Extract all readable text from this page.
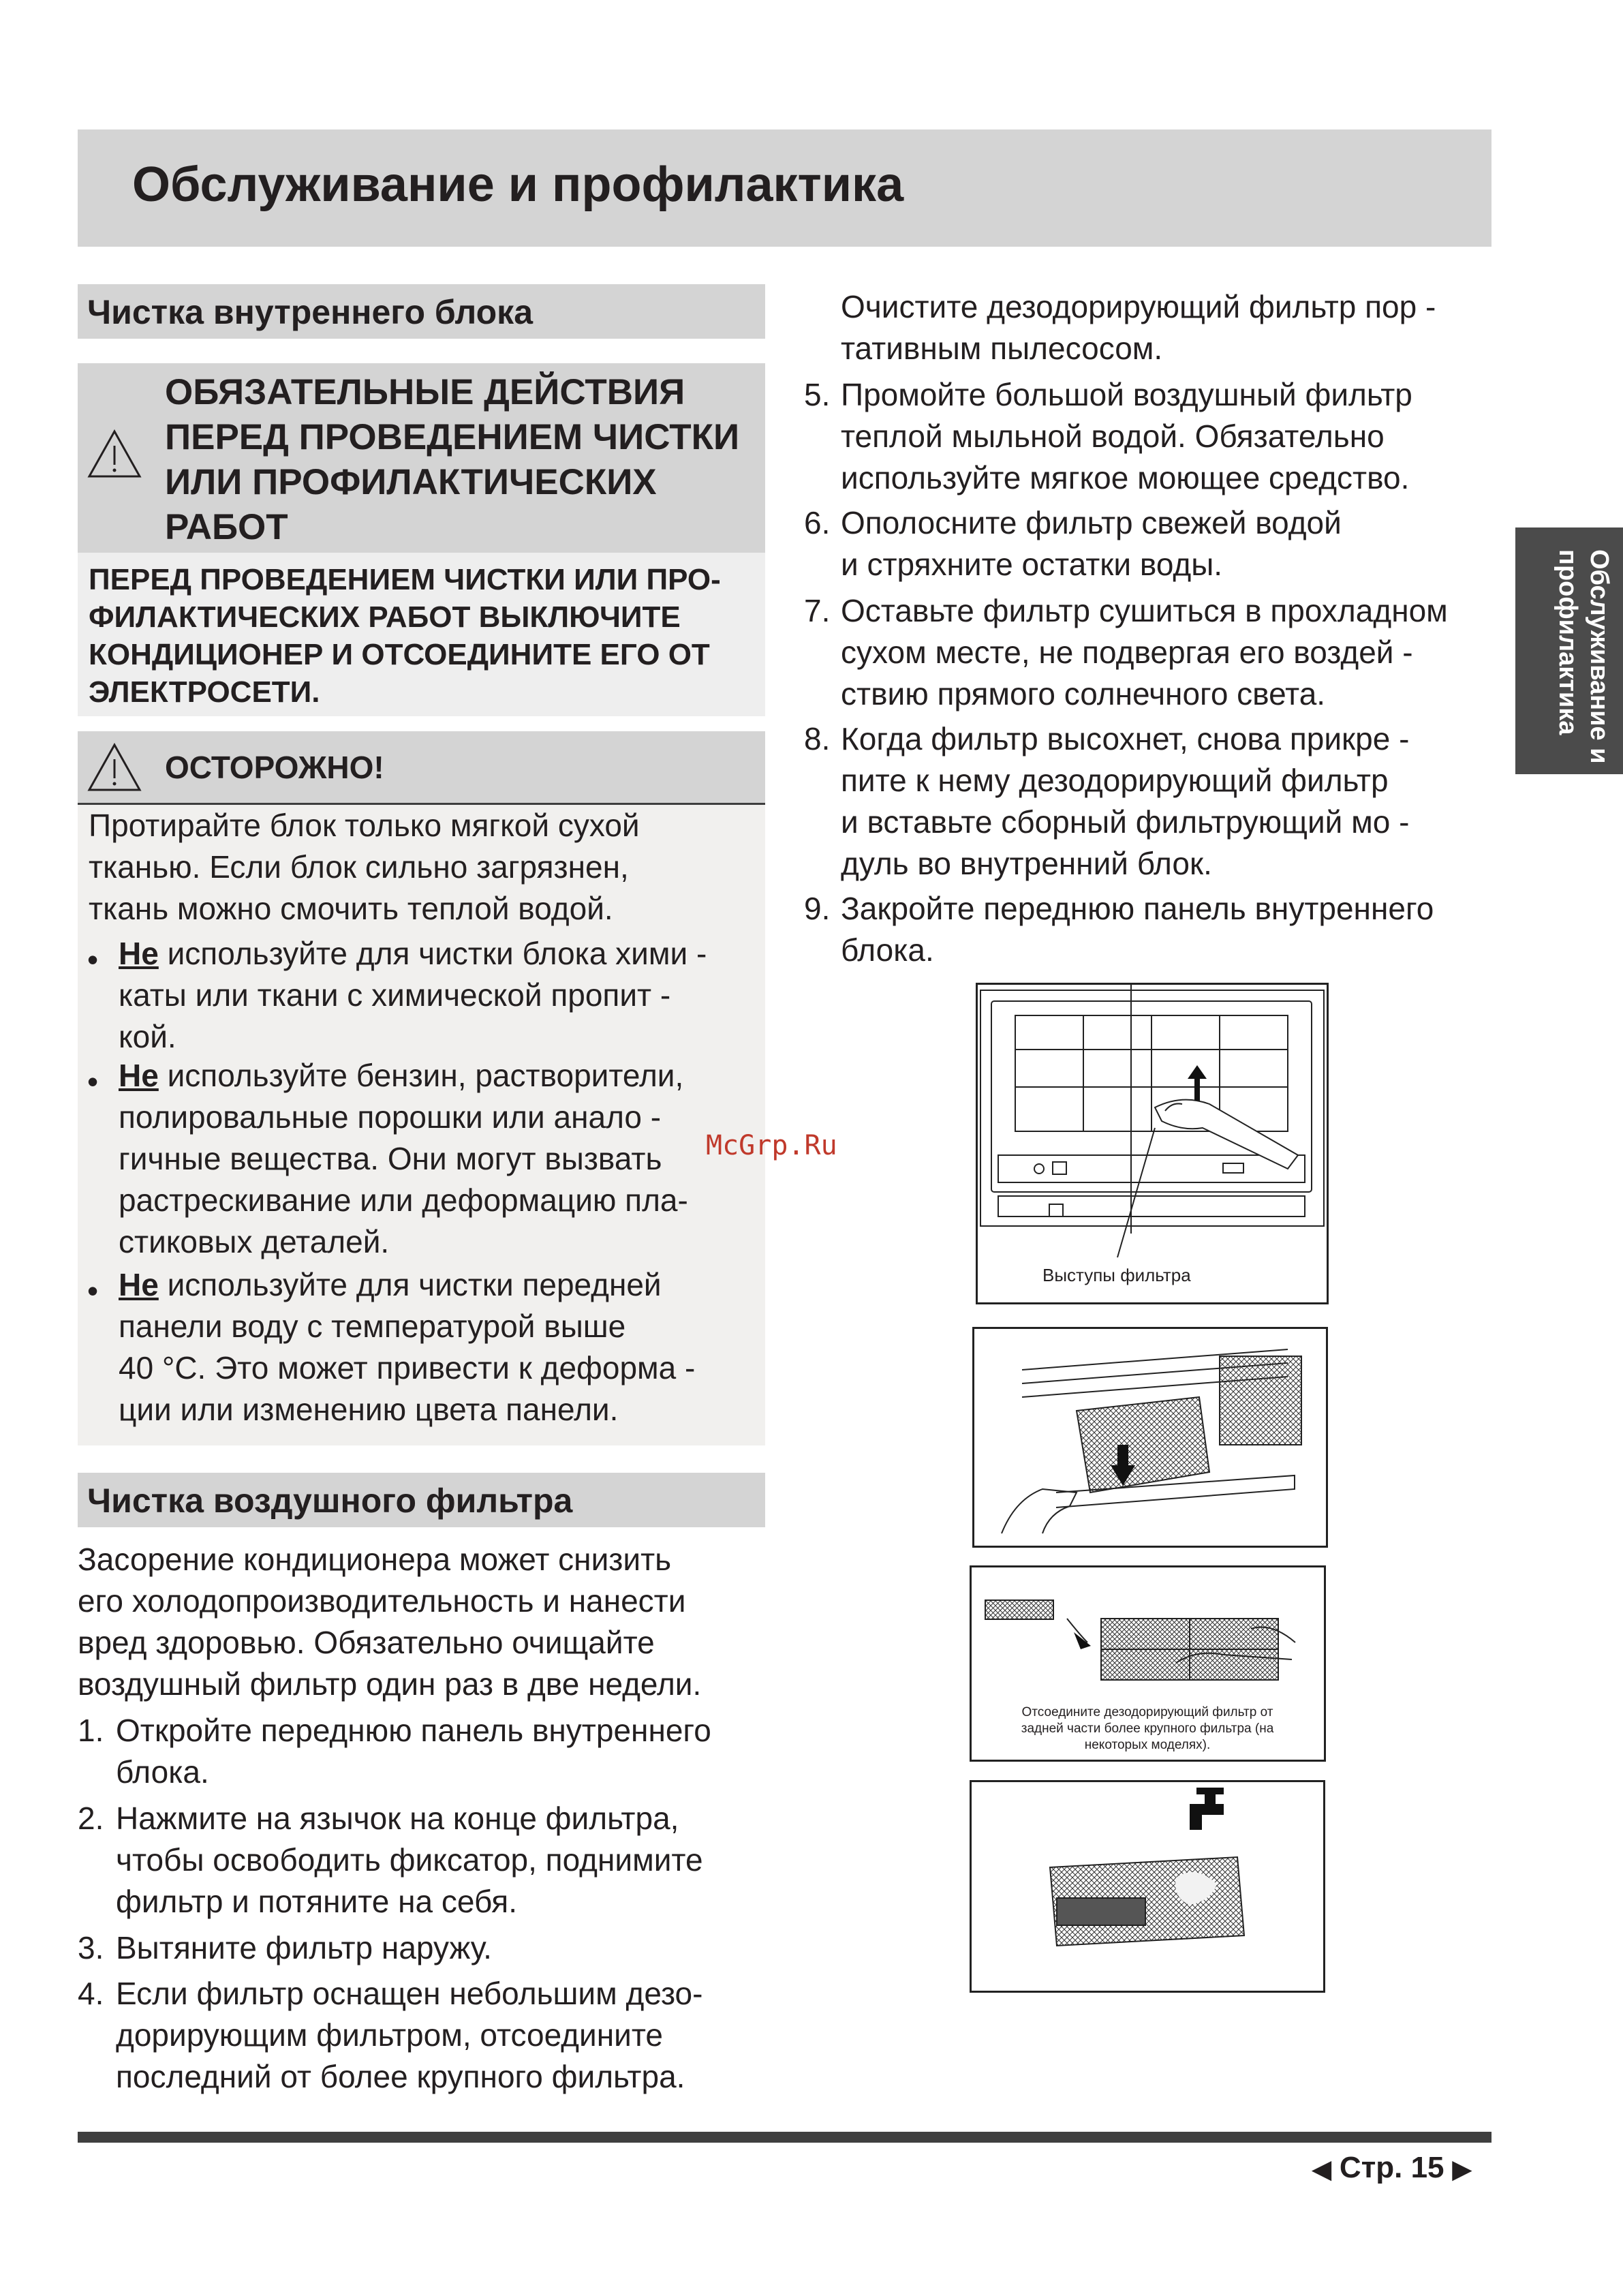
Обслуживание и профилактика
Обслуживание и
профилактика
Чистка внутреннего блока
ОБЯЗАТЕЛЬНЫЕ ДЕЙСТВИЯ
ПЕРЕД ПРОВЕДЕНИЕМ ЧИСТКИ
ИЛИ ПРОФИЛАКТИЧЕСКИХ
РАБОТ
ПЕРЕД ПРОВЕДЕНИЕМ ЧИСТКИ ИЛИ ПРО-
ФИЛАКТИЧЕСКИХ РАБОТ ВЫКЛЮЧИТЕ
КОНДИЦИОНЕР И ОТСОЕДИНИТЕ ЕГО ОТ
ЭЛЕКТРОСЕТИ.
ОСТОРОЖНО!
Протирайте блок только мягкой сухой
тканью. Если блок сильно загрязнен,
ткань можно смочить теплой водой.
• Не используйте для чистки блока хими -
каты или ткани с химической пропит -
кой.
• Не используйте бензин, растворители,
полировальные порошки или анало -
гичные вещества. Они могут вызвать
растрескивание или деформацию пла-
стиковых деталей.
• Не используйте для чистки передней
панели воду с температурой выше
40 °C. Это может привести к деформа -
ции или изменению цвета панели.
Чистка воздушного фильтра
Засорение кондиционера может снизить
его холодопроизводительность и нанести
вред здоровью. Обязательно очищайте
воздушный фильтр один раз в две недели.
1. Откройте переднюю панель внутреннего
блока.
2. Нажмите на язычок на конце фильтра,
чтобы освободить фиксатор, поднимите
фильтр и потяните на себя.
3. Вытяните фильтр наружу.
4. Если фильтр оснащен небольшим дезо-
дорирующим фильтром, отсоедините
последний от более крупного фильтра.
Очистите дезодорирующий фильтр пор -
тативным пылесосом.
5. Промойте большой воздушный фильтр
теплой мыльной водой. Обязательно
используйте мягкое моющее средство.
6. Ополосните фильтр свежей водой
и стряхните остатки воды.
7. Оставьте фильтр сушиться в прохладном
сухом месте, не подвергая его воздей -
ствию прямого солнечного света.
8. Когда фильтр высохнет, снова прикре -
пите к нему дезодорирующий фильтр
и вставьте сборный фильтрующий мо -
дуль во внутренний блок.
9. Закройте переднюю панель внутреннего
блока.
McGrp.Ru
Выступы фильтра
Отсоедините дезодорирующий фильтр от
задней части более крупного фильтра (на
некоторых моделях).
◀ Стр. 15 ▶
